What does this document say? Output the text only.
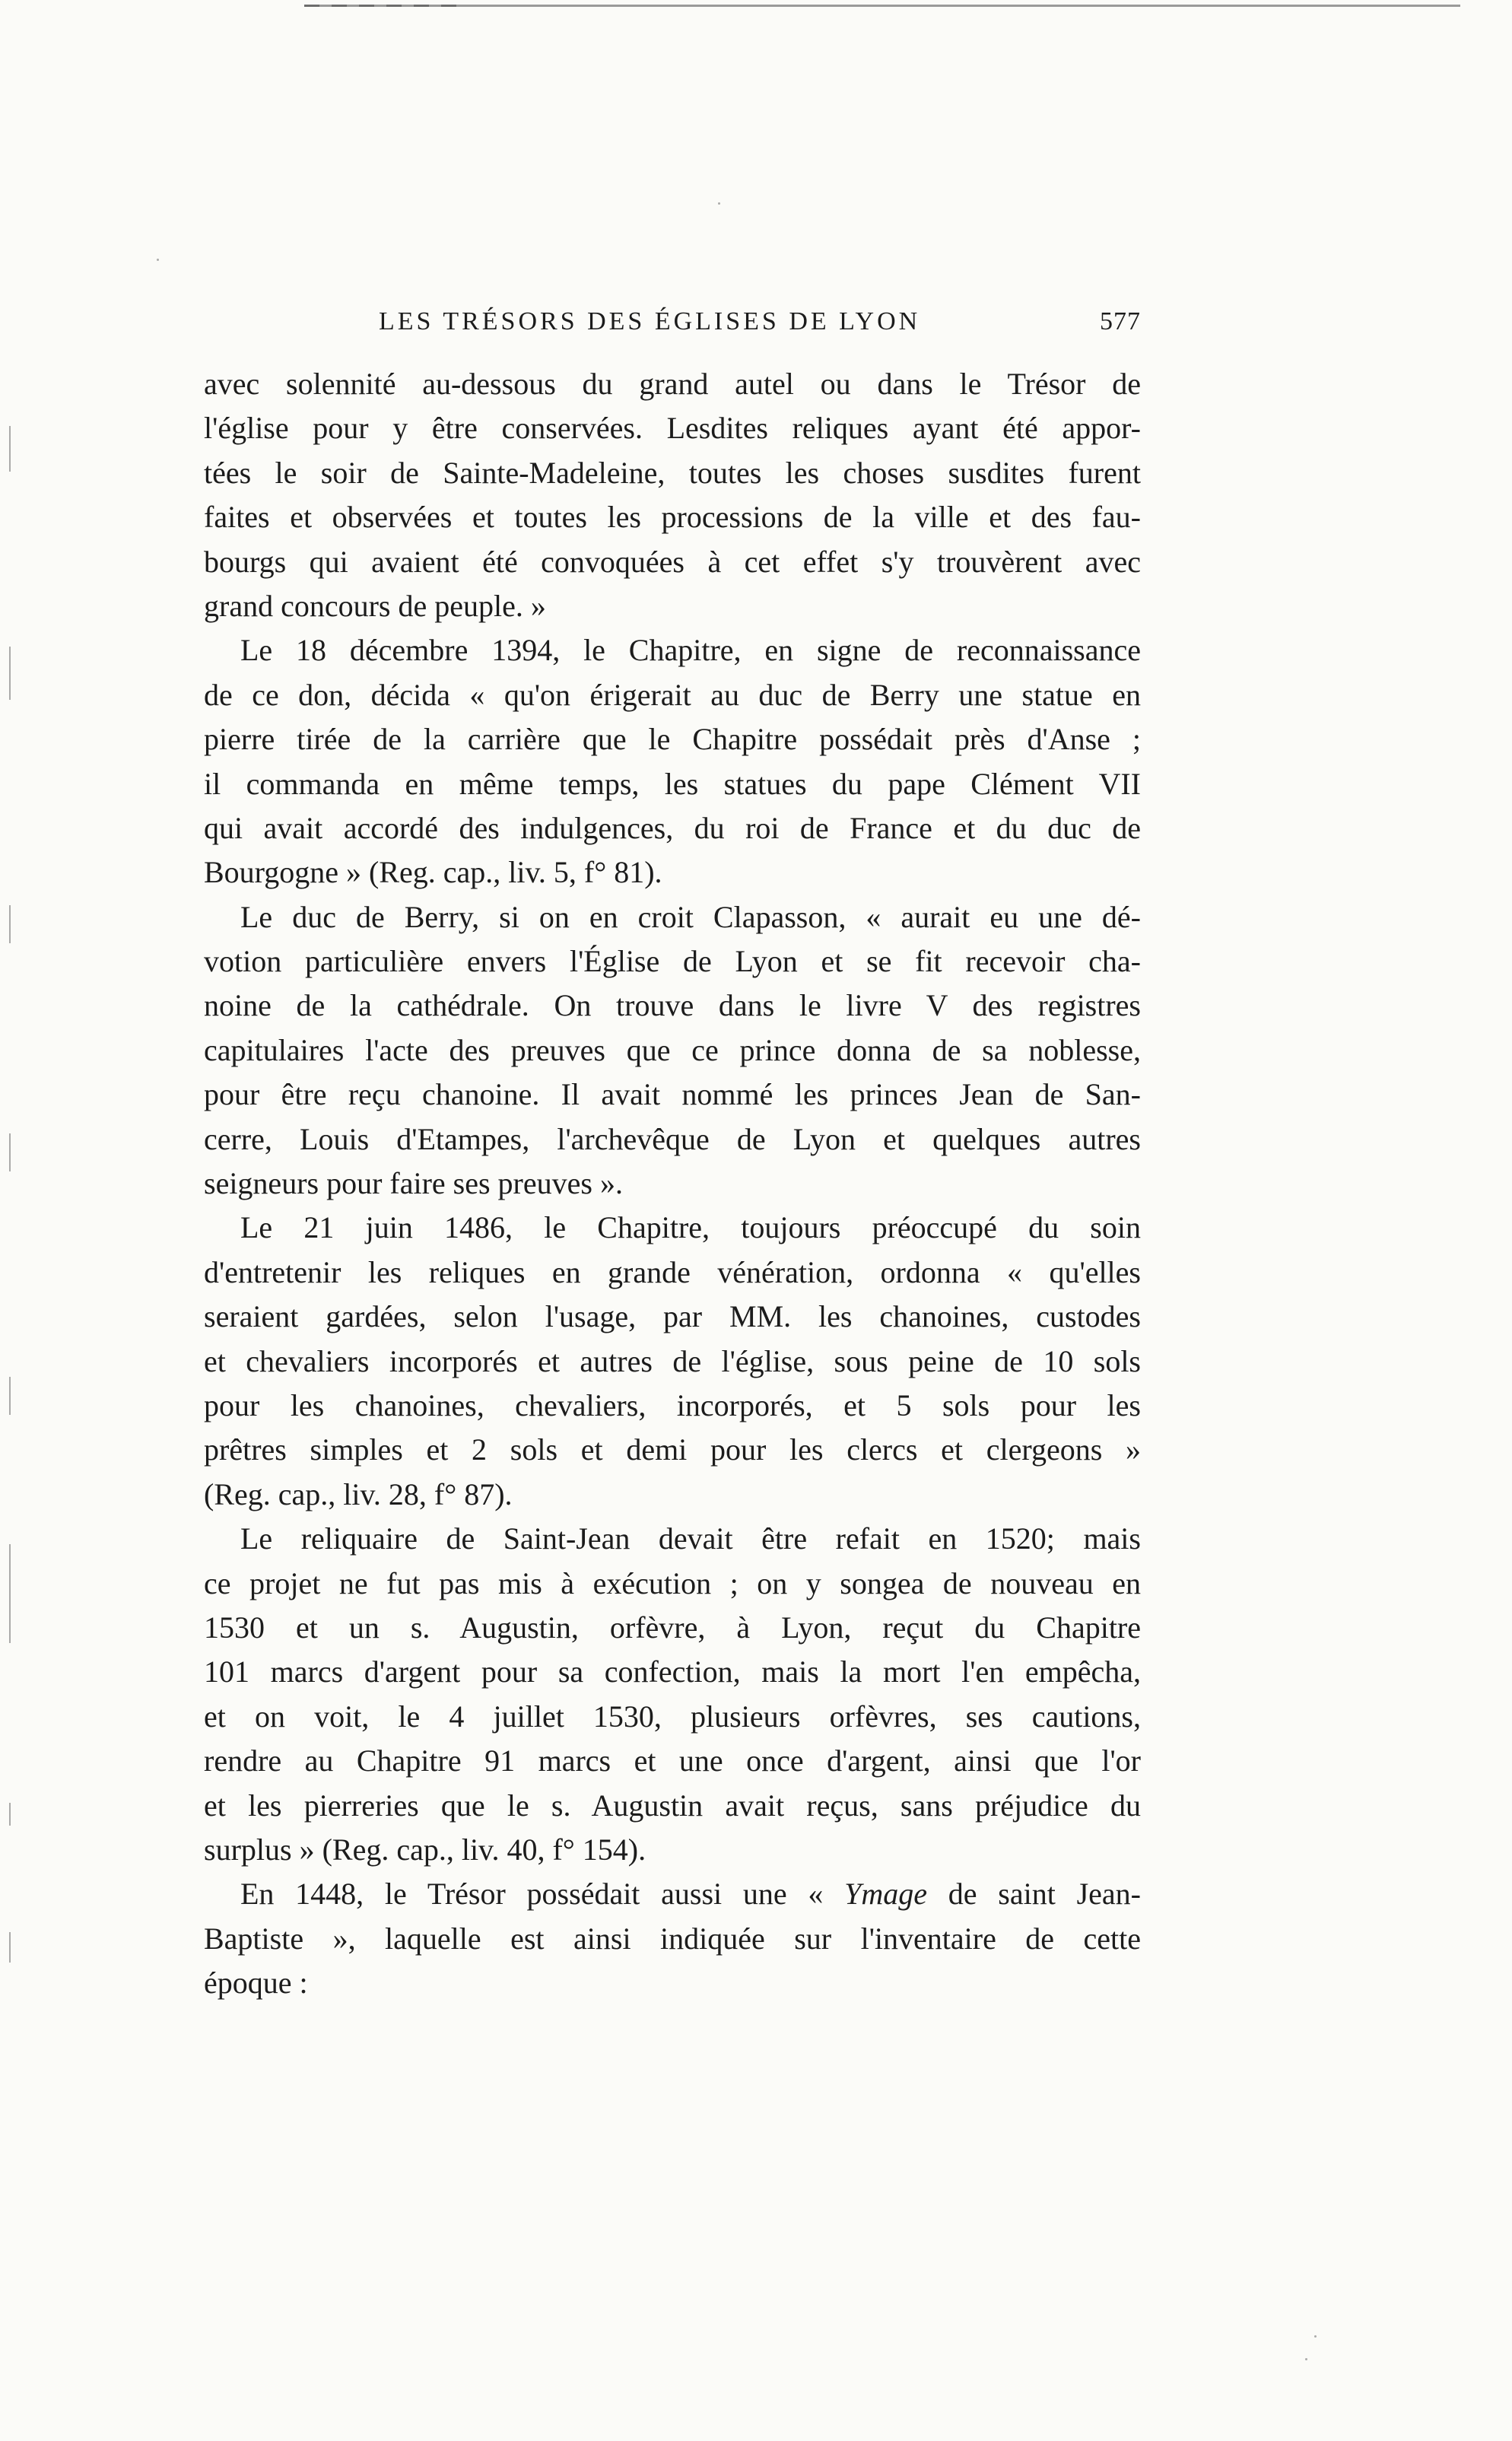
LES TRÉSORS DES ÉGLISES DE LYON	577
avec solennité au-dessous du grand autel ou dans le Trésor de
l'église pour y être conservées. Lesdites reliques ayant été appor-
tées le soir de Sainte-Madeleine, toutes les choses susdites furent
faites et observées et toutes les processions de la ville et des fau-
bourgs qui avaient été convoquées à cet effet s'y trouvèrent avec
grand concours de peuple. »
Le 18 décembre 1394, le Chapitre, en signe de reconnaissance
de ce don, décida « qu'on érigerait au duc de Berry une statue en
pierre tirée de la carrière que le Chapitre possédait près d'Anse ;
il commanda en même temps, les statues du pape Clément VII
qui avait accordé des indulgences, du roi de France et du duc de
Bourgogne » (Reg. cap., liv. 5, f° 81).
Le duc de Berry, si on en croit Clapasson, « aurait eu une dé-
votion particulière envers l'Église de Lyon et se fit recevoir cha-
noine de la cathédrale. On trouve dans le livre V des registres
capitulaires l'acte des preuves que ce prince donna de sa noblesse,
pour être reçu chanoine. Il avait nommé les princes Jean de San-
cerre, Louis d'Etampes, l'archevêque de Lyon et quelques autres
seigneurs pour faire ses preuves ».
Le 21 juin 1486, le Chapitre, toujours préoccupé du soin
d'entretenir les reliques en grande vénération, ordonna « qu'elles
seraient gardées, selon l'usage, par MM. les chanoines, custodes
et chevaliers incorporés et autres de l'église, sous peine de 10 sols
pour les chanoines, chevaliers, incorporés, et 5 sols pour les
prêtres simples et 2 sols et demi pour les clercs et clergeons »
(Reg. cap., liv. 28, f° 87).
Le reliquaire de Saint-Jean devait être refait en 1520; mais
ce projet ne fut pas mis à exécution ; on y songea de nouveau en
1530 et un s. Augustin, orfèvre, à Lyon, reçut du Chapitre
101 marcs d'argent pour sa confection, mais la mort l'en empêcha,
et on voit, le 4 juillet 1530, plusieurs orfèvres, ses cautions,
rendre au Chapitre 91 marcs et une once d'argent, ainsi que l'or
et les pierreries que le s. Augustin avait reçus, sans préjudice du
surplus » (Reg. cap., liv. 40, f° 154).
En 1448, le Trésor possédait aussi une « Ymage de saint Jean-
Baptiste », laquelle est ainsi indiquée sur l'inventaire de cette
époque :
